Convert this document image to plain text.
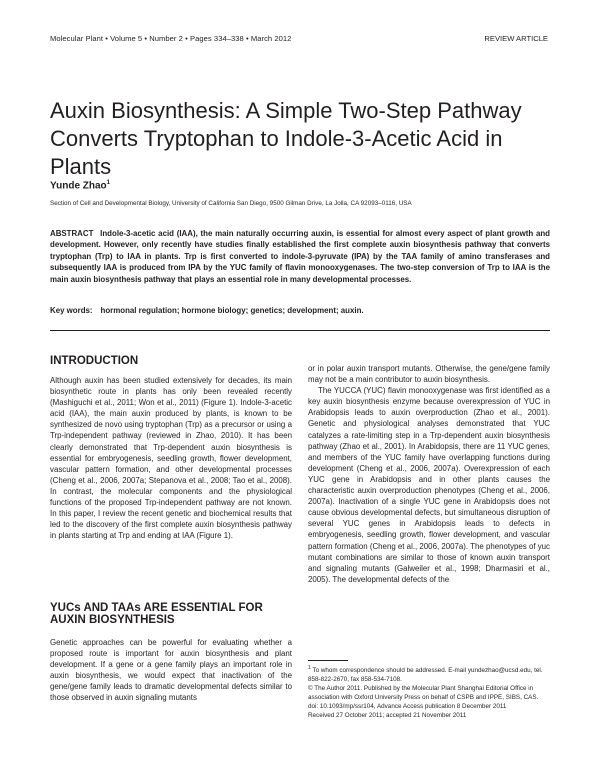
Molecular Plant • Volume 5 • Number 2 • Pages 334–338 • March 2012	REVIEW ARTICLE
Auxin Biosynthesis: A Simple Two-Step Pathway Converts Tryptophan to Indole-3-Acetic Acid in Plants
Yunde Zhao$^1$
Section of Cell and Developmental Biology, University of California San Diego, 9500 Gilman Drive, La Jolla, CA 92093–0116, USA
ABSTRACT Indole-3-acetic acid (IAA), the main naturally occurring auxin, is essential for almost every aspect of plant growth and development. However, only recently have studies finally established the first complete auxin biosynthesis pathway that converts tryptophan (Trp) to IAA in plants. Trp is first converted to indole-3-pyruvate (IPA) by the TAA family of amino transferases and subsequently IAA is produced from IPA by the YUC family of flavin monooxygenases. The two-step conversion of Trp to IAA is the main auxin biosynthesis pathway that plays an essential role in many developmental processes.
Key words: hormonal regulation; hormone biology; genetics; development; auxin.
INTRODUCTION

Although auxin has been studied extensively for decades, its main biosynthetic route in plants has only been revealed recently (Mashiguchi et al., 2011; Won et al., 2011) (Figure 1). Indole-3-acetic acid (IAA), the main auxin produced by plants, is known to be synthesized de novo using tryptophan (Trp) as a precursor or using a Trp-independent pathway (reviewed in Zhao, 2010). It has been clearly demonstrated that Trp-dependent auxin biosynthesis is essential for embryogenesis, seedling growth, flower development, vascular pattern formation, and other developmental processes (Cheng et al., 2006, 2007a; Stepanova et al., 2008; Tao et al., 2008). In contrast, the molecular components and the physiological functions of the proposed Trp-independent pathway are not known. In this paper, I review the recent genetic and biochemical results that led to the discovery of the first complete auxin biosynthesis pathway in plants starting at Trp and ending at IAA (Figure 1).

YUCs AND TAAs ARE ESSENTIAL FOR AUXIN BIOSYNTHESIS

Genetic approaches can be powerful for evaluating whether a proposed route is important for auxin biosynthesis and plant development. If a gene or a gene family plays an important role in auxin biosynthesis, we would expect that inactivation of the gene/gene family leads to dramatic developmental defects similar to those observed in auxin signaling mutants

or in polar auxin transport mutants. Otherwise, the gene/gene family may not be a main contributor to auxin biosynthesis.

The YUCCA (YUC) flavin monooxygenase was first identified as a key auxin biosynthesis enzyme because overexpression of YUC in Arabidopsis leads to auxin overproduction (Zhao et al., 2001). Genetic and physiological analyses demonstrated that YUC catalyzes a rate-limiting step in a Trp-dependent auxin biosynthesis pathway (Zhao et al., 2001). In Arabidopsis, there are 11 YUC genes, and members of the YUC family have overlapping functions during development (Cheng et al., 2006, 2007a). Overexpression of each YUC gene in Arabidopsis and in other plants causes the characteristic auxin overproduction phenotypes (Cheng et al., 2006, 2007a). Inactivation of a single YUC gene in Arabidopsis does not cause obvious developmental defects, but simultaneous disruption of several YUC genes in Arabidopsis leads to defects in embryogenesis, seedling growth, flower development, and vascular pattern formation (Cheng et al., 2006, 2007a). The phenotypes of yuc mutant combinations are similar to those of known auxin transport and signaling mutants (Galweiler et al., 1998; Dharmasiri et al., 2005). The developmental defects of the

$^1$ To whom correspondence should be addressed. E-mail yundezhao@ucsd.edu, tel. 858-822-2670, fax 858-534-7108.

© The Author 2011. Published by the Molecular Plant Shanghai Editorial Office in association with Oxford University Press on behalf of CSPB and IPPE, SIBS, CAS.

doi: 10.1093/mp/ssr104, Advance Access publication 8 December 2011

Received 27 October 2011; accepted 21 November 2011
